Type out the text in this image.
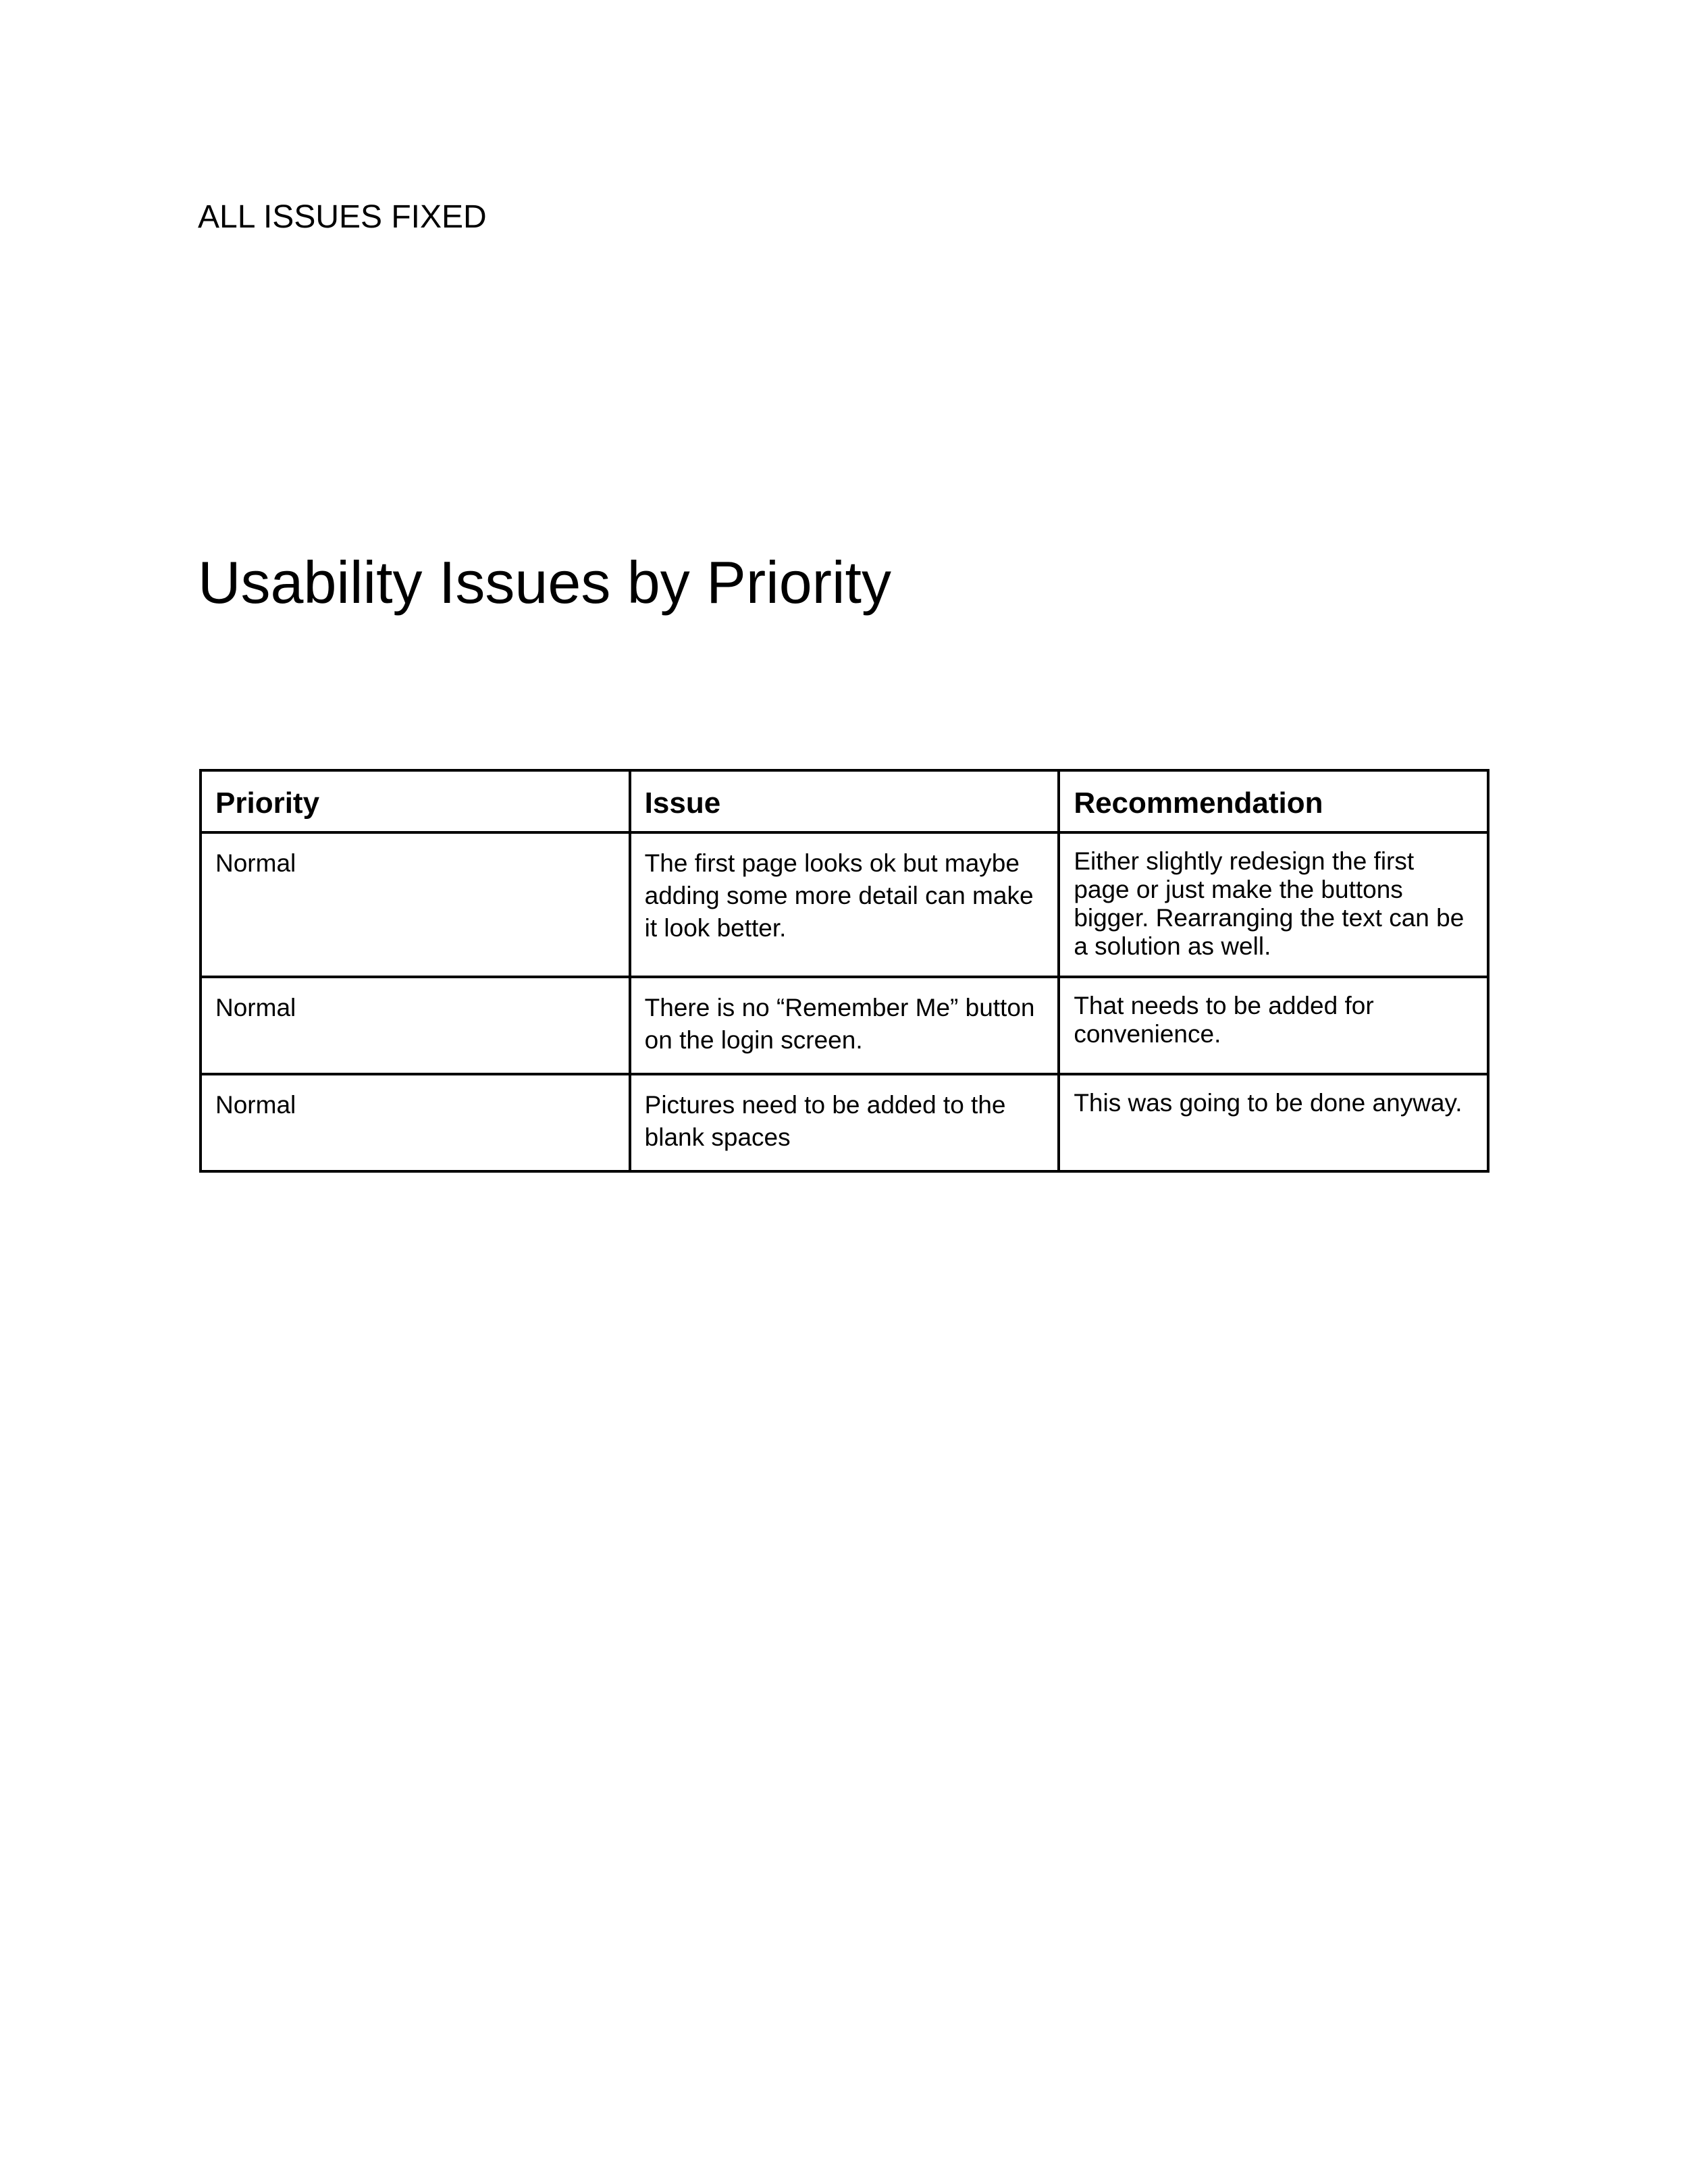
ALL ISSUES FIXED
Usability Issues by Priority
Priority	Issue	Recommendation
Normal	The first page looks ok but maybe adding some more detail can make it look better.	Either slightly redesign the first page or just make the buttons bigger. Rearranging the text can be a solution as well.
Normal	There is no “Remember Me” button on the login screen.	That needs to be added for convenience.
Normal	Pictures need to be added to the blank spaces	This was going to be done anyway.
